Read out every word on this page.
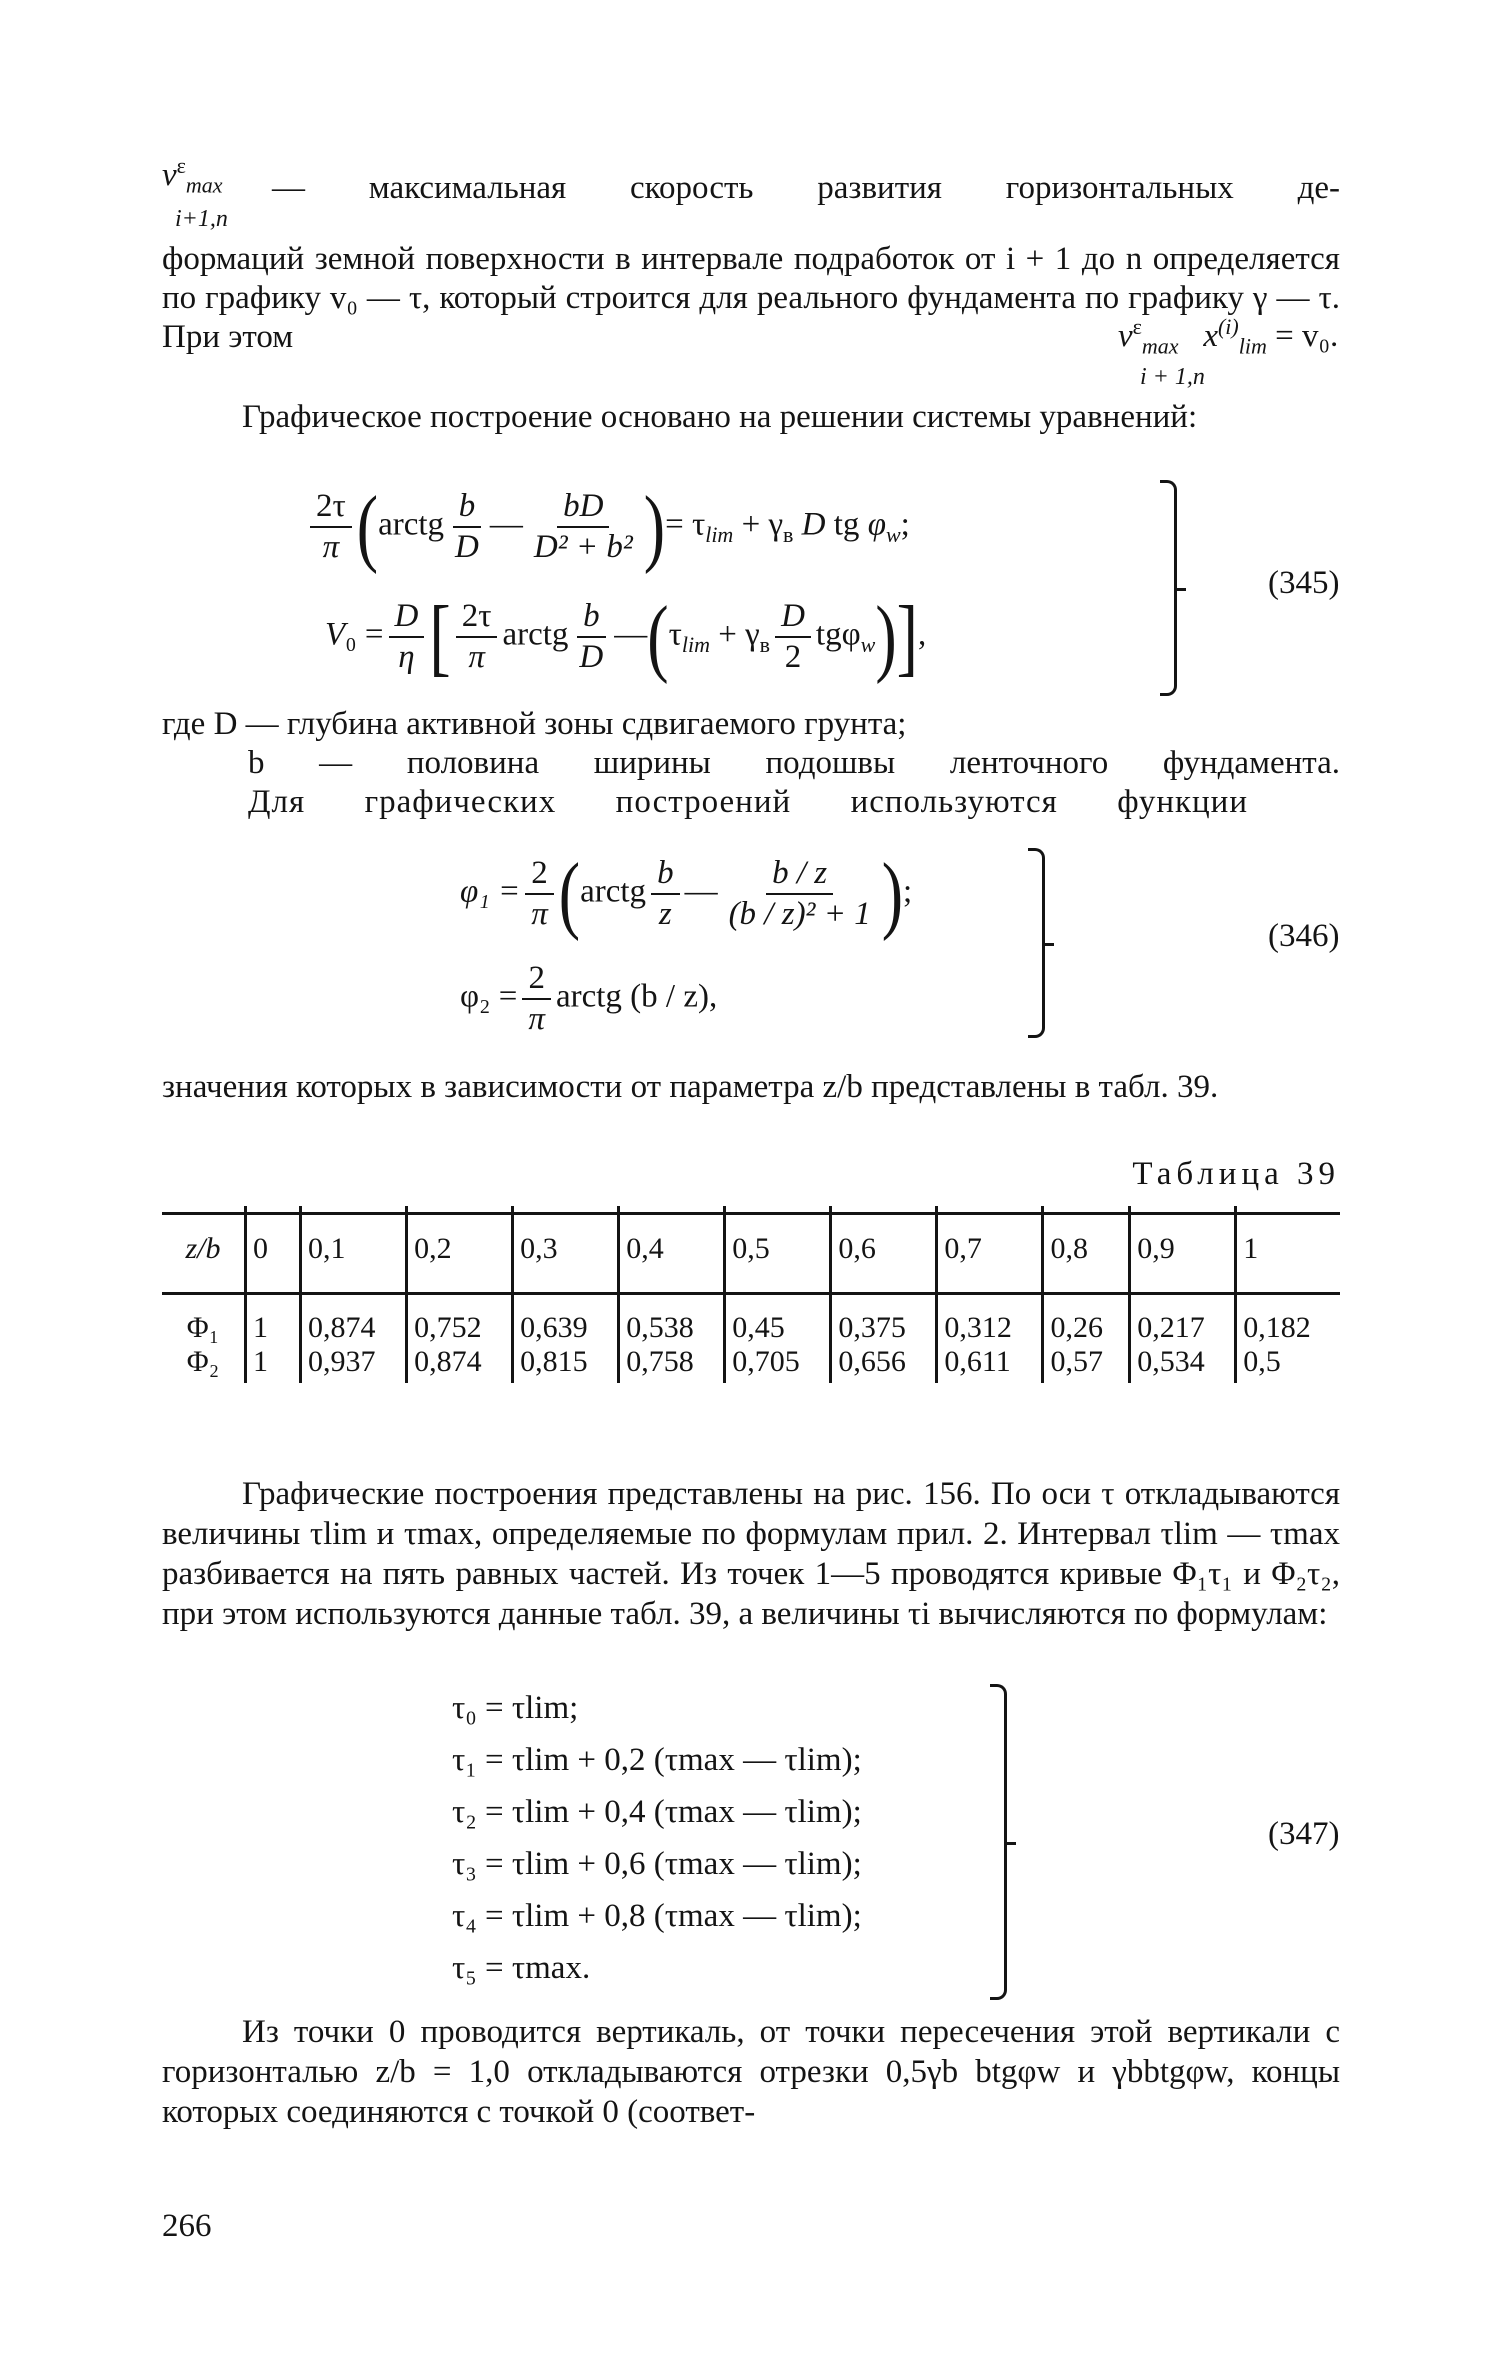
$v^\varepsilon_{max}$
i+1,n
— максимальная скорость развития горизонтальных де-
формаций земной поверхности в интервале подработок от i + 1 до n определяется по графику v₀ — τ, который строится для реального фундамента по графику γ — τ. При этом	$v^\varepsilon_{max}$ $x^{(i)}_{lim} = v_0$.
i + 1,n
Графическое построение основано на решении системы уравнений:
$\frac{2\tau}{\pi}$ (arctg $\frac{b}{D}$ — $\frac{bD}{\text{D² + b²}}$ )= $\tau_{lim} + \gamma_в$ D tg $\varphi_w$;
$V_0 = \frac{D}{\eta}$ [ $\frac{2\tau}{\pi}$ arctg $\frac{b}{D}$ $—(\tau_{lim} + \gamma_в \frac{D}{2} tg\varphi_w)$],
(345)
где D — глубина активной зоны сдвигаемого грунта;
b — половина ширины подошвы ленточного фундамента.
Для графических построений используются функции
$\varphi_1 = \frac{2}{\pi}$ (arctg $\frac{b}{z}$ — $\frac{b / z}{\text{(b / z)² + 1}}$ );
$\varphi_2 = \frac{2}{\pi}$ arctg (b / z),
(346)
значения которых в зависимости от параметра z/b представлены в табл. 39.
Таблица 39
z/b	0	0,1	0,2	0,3	0,4	0,5	0,6	0,7	0,8	0,9	1
Φ₁	1	0,874	0,752	0,639	0,538	0,45	0,375	0,312	0,26	0,217	0,182
Φ₂	1	0,937	0,874	0,815	0,758	0,705	0,656	0,611	0,57	0,534	0,5
Графические построения представлены на рис. 156. По оси τ откладываются величины τlim и τmax, определяемые по формулам прил. 2. Интервал τlim — τmax разбивается на пять равных частей. Из точек 1—5 проводятся кривые Φ₁τ₁ и Φ₂τ₂, при этом используются данные табл. 39, а величины τi вычисляются по формулам:
τ₀ = τlim;
τ₁ = τlim + 0,2 (τmax — τlim);
τ₂ = τlim + 0,4 (τmax — τlim);
τ₃ = τlim + 0,6 (τmax — τlim);
τ₄ = τlim + 0,8 (τmax — τlim);
τ₅ = τmax.
(347)
Из точки 0 проводится вертикаль, от точки пересечения этой вертикали с горизонталью z/b = 1,0 откладываются отрезки 0,5γb btgφw и γbbtgφw, концы которых соединяются с точкой 0 (соответ-
266
